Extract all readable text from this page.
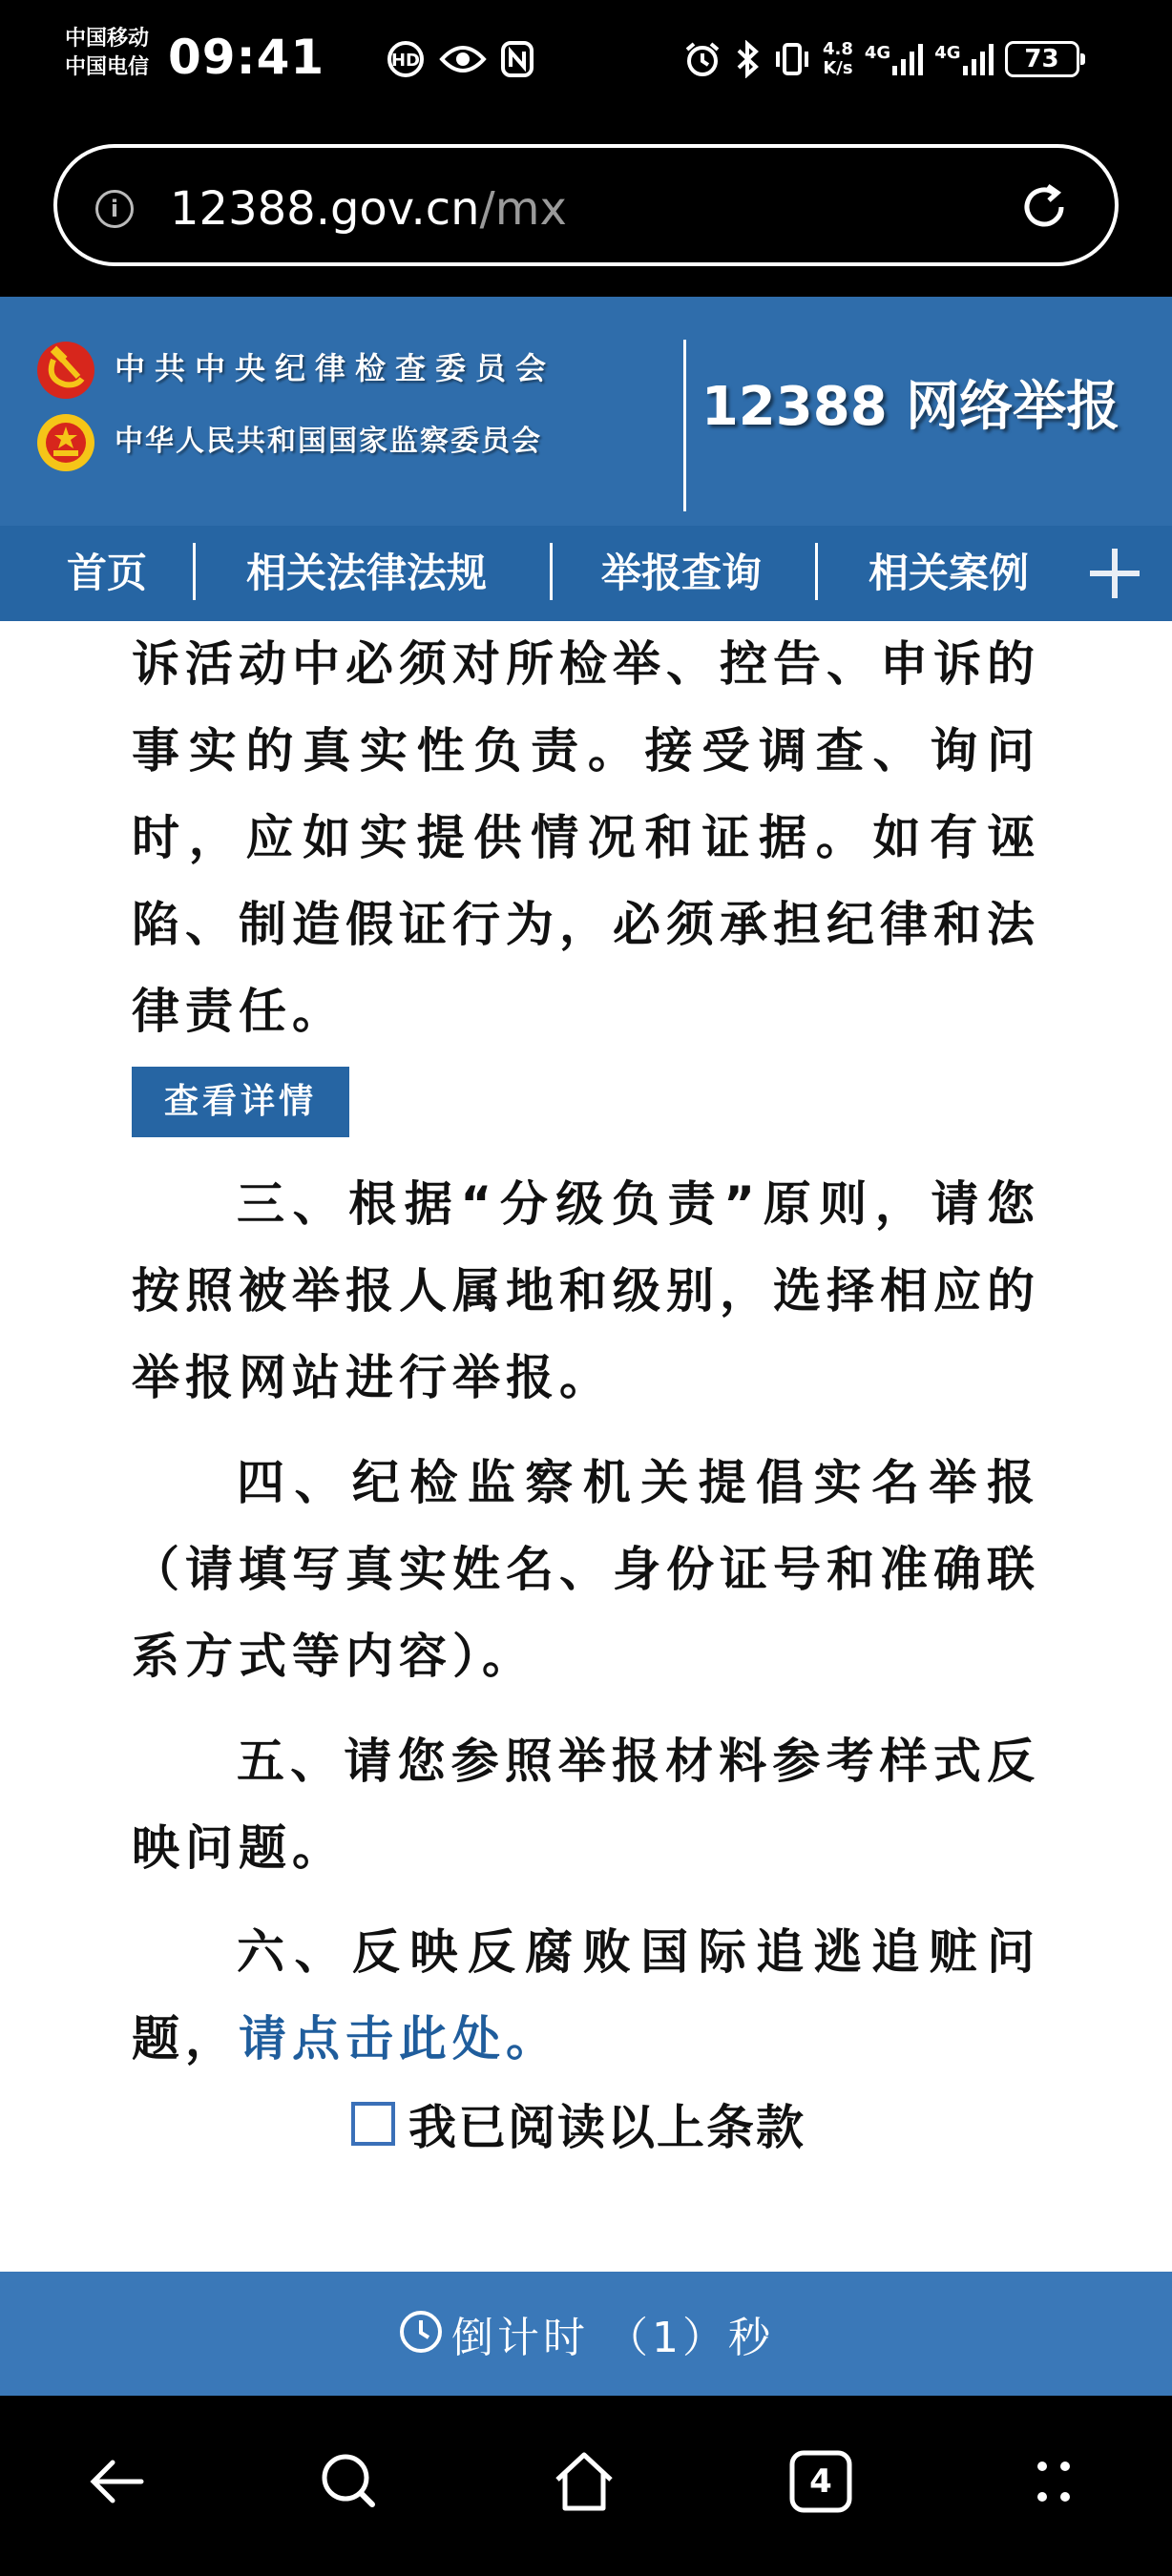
中国移动
中国电信 09:41	HD
4.8
K/s
4G	4G	73
i	12388.gov.cn/mx
中共中央纪律检查委员会
中华人民共和国国家监察委员会
12388 网络举报
首页 相关法律法规	举报查询	相关案例

诉活动中必须对所检举、控告、申诉的事实的真实性负责。接受调查、询问时，应如实提供情况和证据。如有诬陷、制造假证行为，必须承担纪律和法律责任。

查看详情

三、根据“分级负责”原则，请您按照被举报人属地和级别，选择相应的举报网站进行举报。

四、纪检监察机关提倡实名举报（请填写真实姓名、身份证号和准确联系方式等内容）。

五、请您参照举报材料参考样式反映问题。

六、反映反腐败国际追逃追赃问题，请点击此处。

我已阅读以上条款
倒计时 （1）秒
4
